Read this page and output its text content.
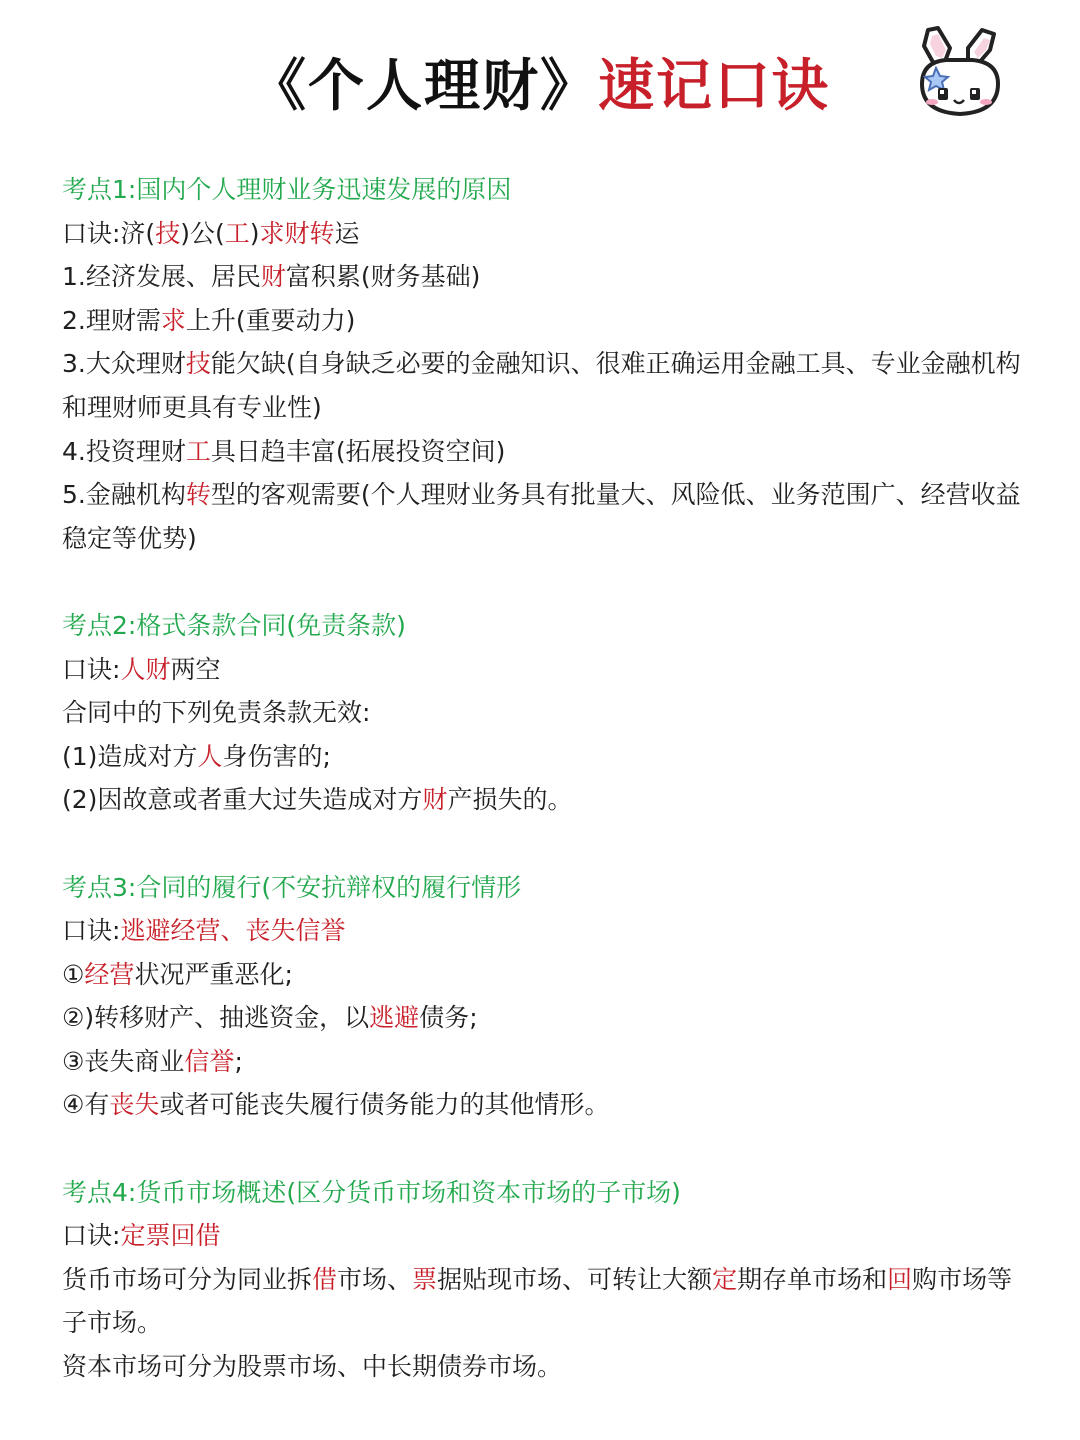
《个人理财》速记口诀
考点1:国内个人理财业务迅速发展的原因
口诀:济(技)公(工)求财转运
1.经济发展、居民财富积累(财务基础)
2.理财需求上升(重要动力)
3.大众理财技能欠缺(自身缺乏必要的金融知识、很难正确运用金融工具、专业金融机构和理财师更具有专业性)
4.投资理财工具日趋丰富(拓展投资空间)
5.金融机构转型的客观需要(个人理财业务具有批量大、风险低、业务范围广、经营收益稳定等优势)
考点2:格式条款合同(免责条款)
口诀:人财两空
合同中的下列免责条款无效:
(1)造成对方人身伤害的;
(2)因故意或者重大过失造成对方财产损失的。
考点3:合同的履行(不安抗辩权的履行情形
口诀:逃避经营、丧失信誉
①经营状况严重恶化;
②)转移财产、抽逃资金，以逃避债务;
③丧失商业信誉;
④有丧失或者可能丧失履行债务能力的其他情形。
考点4:货币市场概述(区分货币市场和资本市场的子市场)
口诀:定票回借
货币市场可分为同业拆借市场、票据贴现市场、可转让大额定期存单市场和回购市场等子市场。
资本市场可分为股票市场、中长期债券市场。
